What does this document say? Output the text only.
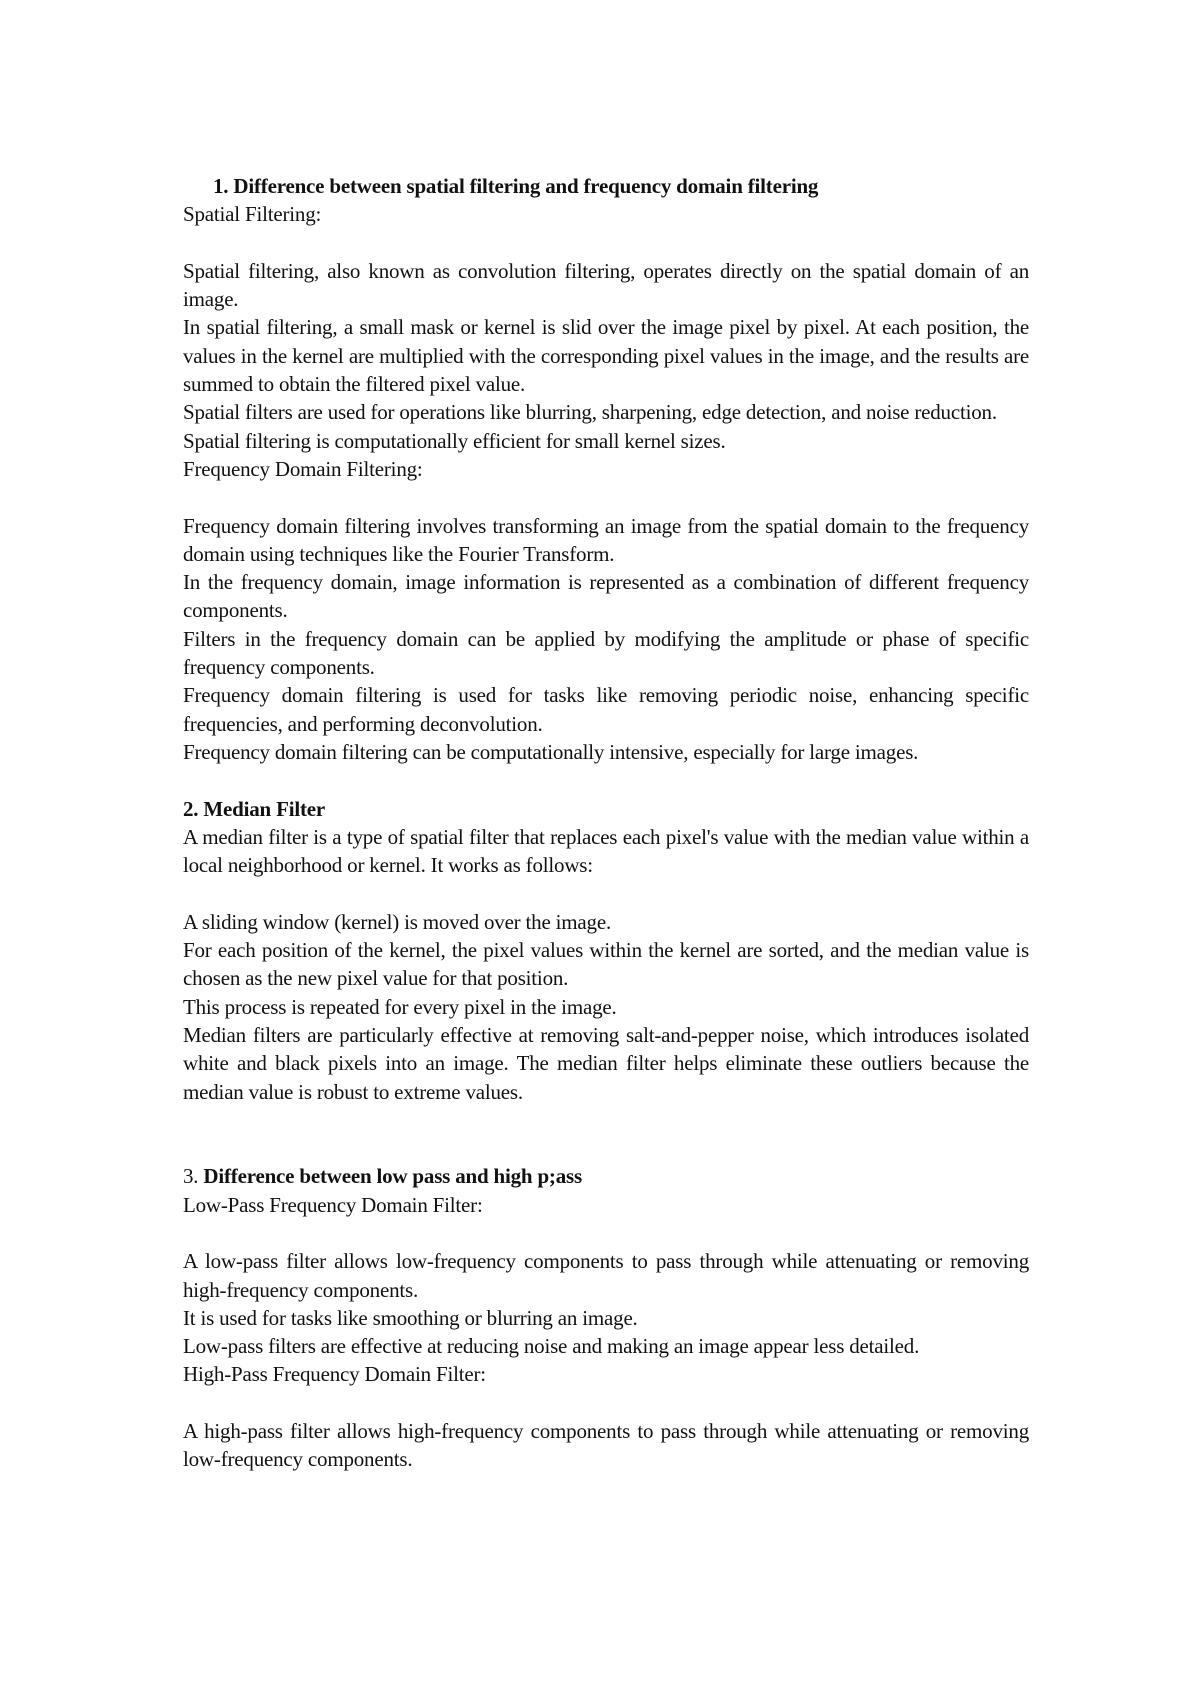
1. Difference between spatial filtering and frequency domain filtering

Spatial Filtering:

Spatial filtering, also known as convolution filtering, operates directly on the spatial domain of an image.

In spatial filtering, a small mask or kernel is slid over the image pixel by pixel. At each position, the values in the kernel are multiplied with the corresponding pixel values in the image, and the results are summed to obtain the filtered pixel value.

Spatial filters are used for operations like blurring, sharpening, edge detection, and noise reduction.

Spatial filtering is computationally efficient for small kernel sizes.

Frequency Domain Filtering:

Frequency domain filtering involves transforming an image from the spatial domain to the frequency domain using techniques like the Fourier Transform.

In the frequency domain, image information is represented as a combination of different frequency components.

Filters in the frequency domain can be applied by modifying the amplitude or phase of specific frequency components.

Frequency domain filtering is used for tasks like removing periodic noise, enhancing specific frequencies, and performing deconvolution.

Frequency domain filtering can be computationally intensive, especially for large images.

2. Median Filter

A median filter is a type of spatial filter that replaces each pixel's value with the median value within a local neighborhood or kernel. It works as follows:

A sliding window (kernel) is moved over the image.

For each position of the kernel, the pixel values within the kernel are sorted, and the median value is chosen as the new pixel value for that position.

This process is repeated for every pixel in the image.

Median filters are particularly effective at removing salt-and-pepper noise, which introduces isolated white and black pixels into an image. The median filter helps eliminate these outliers because the median value is robust to extreme values.

3. Difference between low pass and high p;ass

Low-Pass Frequency Domain Filter:

A low-pass filter allows low-frequency components to pass through while attenuating or removing high-frequency components.

It is used for tasks like smoothing or blurring an image.

Low-pass filters are effective at reducing noise and making an image appear less detailed.

High-Pass Frequency Domain Filter:

A high-pass filter allows high-frequency components to pass through while attenuating or removing low-frequency components.
